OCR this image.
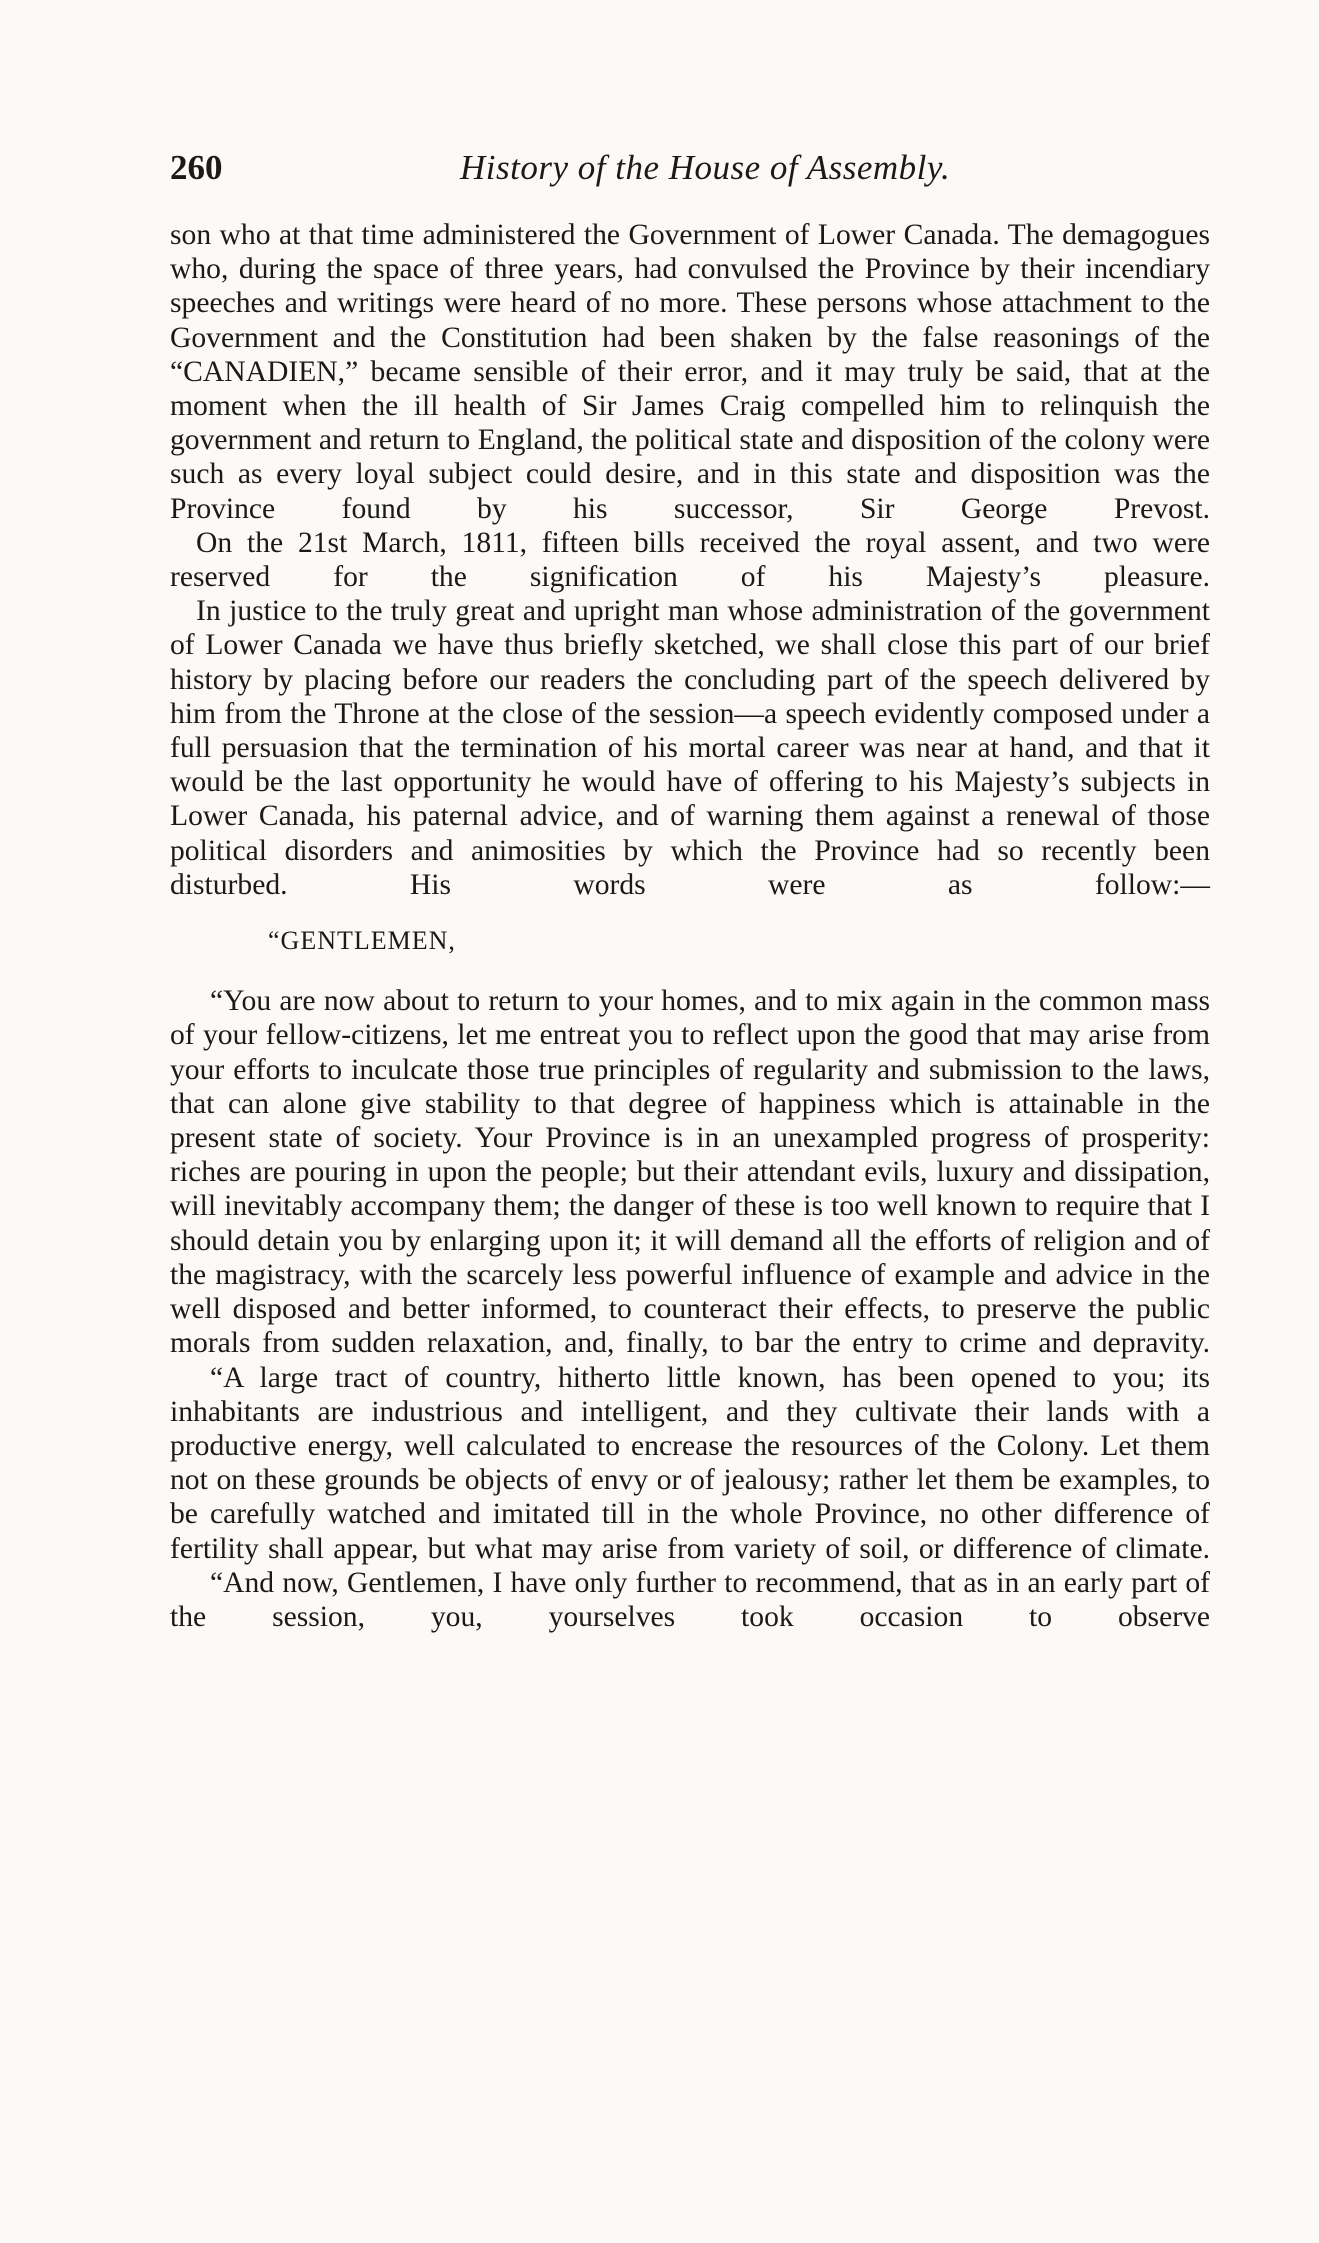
260	History of the House of Assembly.

son who at that time administered the Government of Lower Canada. The demagogues who, during the space of three years, had convulsed the Province by their incendiary speeches and writings were heard of no more. These persons whose attachment to the Government and the Constitution had been shaken by the false reasonings of the “CANADIEN,” became sensible of their error, and it may truly be said, that at the moment when the ill health of Sir James Craig compelled him to relinquish the government and return to England, the political state and disposition of the colony were such as every loyal subject could desire, and in this state and disposition was the Province found by his successor, Sir George Prevost.

On the 21st March, 1811, fifteen bills received the royal assent, and two were reserved for the signification of his Majesty’s pleasure.

In justice to the truly great and upright man whose administration of the government of Lower Canada we have thus briefly sketched, we shall close this part of our brief history by placing before our readers the concluding part of the speech delivered by him from the Throne at the close of the session—a speech evidently composed under a full persuasion that the termination of his mortal career was near at hand, and that it would be the last opportunity he would have of offering to his Majesty’s subjects in Lower Canada, his paternal advice, and of warning them against a renewal of those political disorders and animosities by which the Province had so recently been disturbed. His words were as follow:—

“GENTLEMEN,

“You are now about to return to your homes, and to mix again in the common mass of your fellow-citizens, let me entreat you to reflect upon the good that may arise from your efforts to inculcate those true principles of regularity and submission to the laws, that can alone give stability to that degree of happiness which is attainable in the present state of society. Your Province is in an unexampled progress of prosperity: riches are pouring in upon the people; but their attendant evils, luxury and dissipation, will inevitably accompany them; the danger of these is too well known to require that I should detain you by enlarging upon it; it will demand all the efforts of religion and of the magistracy, with the scarcely less powerful influence of example and advice in the well disposed and better informed, to counteract their effects, to preserve the public morals from sudden relaxation, and, finally, to bar the entry to crime and depravity.

“A large tract of country, hitherto little known, has been opened to you; its inhabitants are industrious and intelligent, and they cultivate their lands with a productive energy, well calculated to encrease the resources of the Colony. Let them not on these grounds be objects of envy or of jealousy; rather let them be examples, to be carefully watched and imitated till in the whole Province, no other difference of fertility shall appear, but what may arise from variety of soil, or difference of climate.

“And now, Gentlemen, I have only further to recommend, that as in an early part of the session, you, yourselves took occasion to observe
